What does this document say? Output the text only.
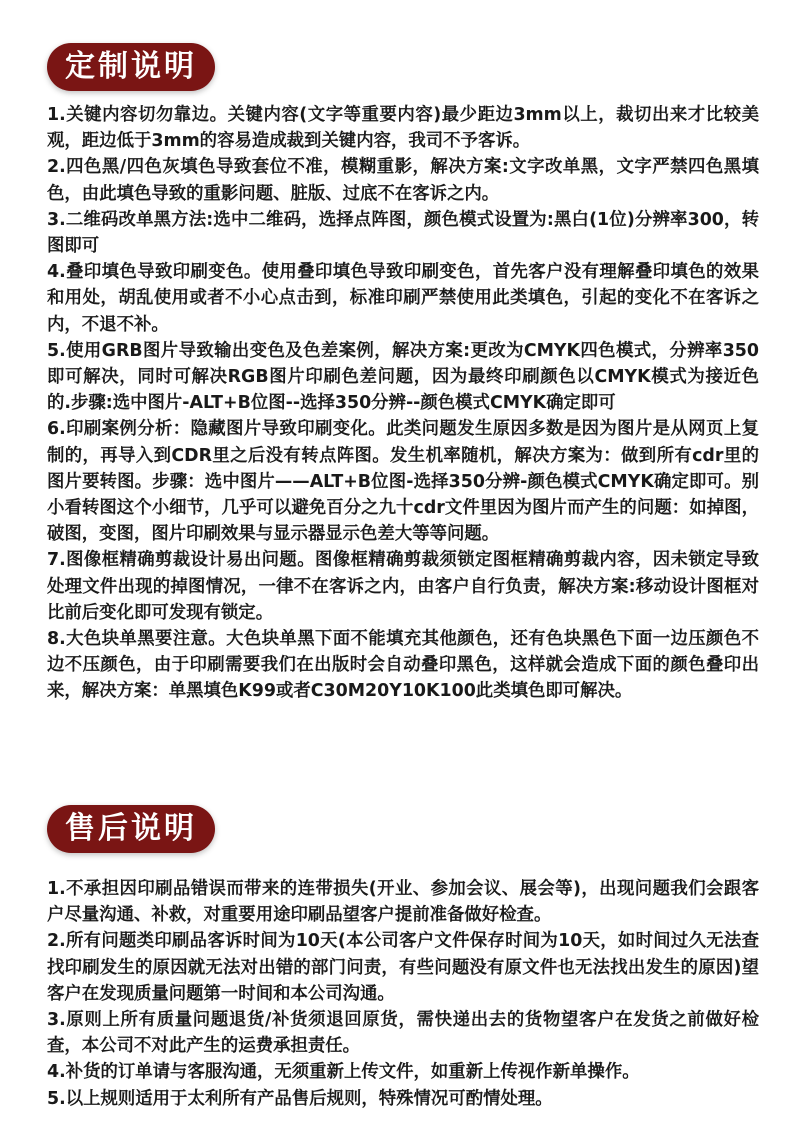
定制说明
1.关键内容切勿靠边。关键内容(文字等重要内容)最少距边3mm以上，裁切出来才比较美观，距边低于3mm的容易造成裁到关键内容，我司不予客诉。
2.四色黑/四色灰填色导致套位不准，模糊重影，解决方案:文字改单黑，文字严禁四色黑填色，由此填色导致的重影问题、脏版、过底不在客诉之内。
3.二维码改单黑方法:选中二维码，选择点阵图，颜色模式设置为:黑白(1位)分辨率300，转图即可
4.叠印填色导致印刷变色。使用叠印填色导致印刷变色，首先客户没有理解叠印填色的效果和用处，胡乱使用或者不小心点击到，标准印刷严禁使用此类填色，引起的变化不在客诉之内，不退不补。
5.使用GRB图片导致输出变色及色差案例，解决方案:更改为CMYK四色模式，分辨率350即可解决，同时可解决RGB图片印刷色差问题，因为最终印刷颜色以CMYK模式为接近色的.步骤:选中图片-ALT+B位图--选择350分辨--颜色模式CMYK确定即可
6.印刷案例分析：隐藏图片导致印刷变化。此类问题发生原因多数是因为图片是从网页上复制的，再导入到CDR里之后没有转点阵图。发生机率随机，解决方案为：做到所有cdr里的图片要转图。步骤：选中图片——ALT+B位图-选择350分辨-颜色模式CMYK确定即可。别小看转图这个小细节，几乎可以避免百分之九十cdr文件里因为图片而产生的问题：如掉图，破图，变图，图片印刷效果与显示器显示色差大等等问题。
7.图像框精确剪裁设计易出问题。图像框精确剪裁须锁定图框精确剪裁内容，因未锁定导致处理文件出现的掉图情况，一律不在客诉之内，由客户自行负责，解决方案:移动设计图框对比前后变化即可发现有锁定。
8.大色块单黑要注意。大色块单黑下面不能填充其他颜色，还有色块黑色下面一边压颜色不边不压颜色，由于印刷需要我们在出版时会自动叠印黑色，这样就会造成下面的颜色叠印出来，解决方案：单黑填色K99或者C30M20Y10K100此类填色即可解决。
售后说明
1.不承担因印刷品错误而带来的连带损失(开业、参加会议、展会等)，出现问题我们会跟客户尽量沟通、补救，对重要用途印刷品望客户提前准备做好检查。
2.所有问题类印刷品客诉时间为10天(本公司客户文件保存时间为10天，如时间过久无法查找印刷发生的原因就无法对出错的部门问责，有些问题没有原文件也无法找出发生的原因)望客户在发现质量问题第一时间和本公司沟通。
3.原则上所有质量问题退货/补货须退回原货，需快递出去的货物望客户在发货之前做好检查，本公司不对此产生的运费承担责任。
4.补货的订单请与客服沟通，无须重新上传文件，如重新上传视作新单操作。
5.以上规则适用于太利所有产品售后规则，特殊情况可酌情处理。
